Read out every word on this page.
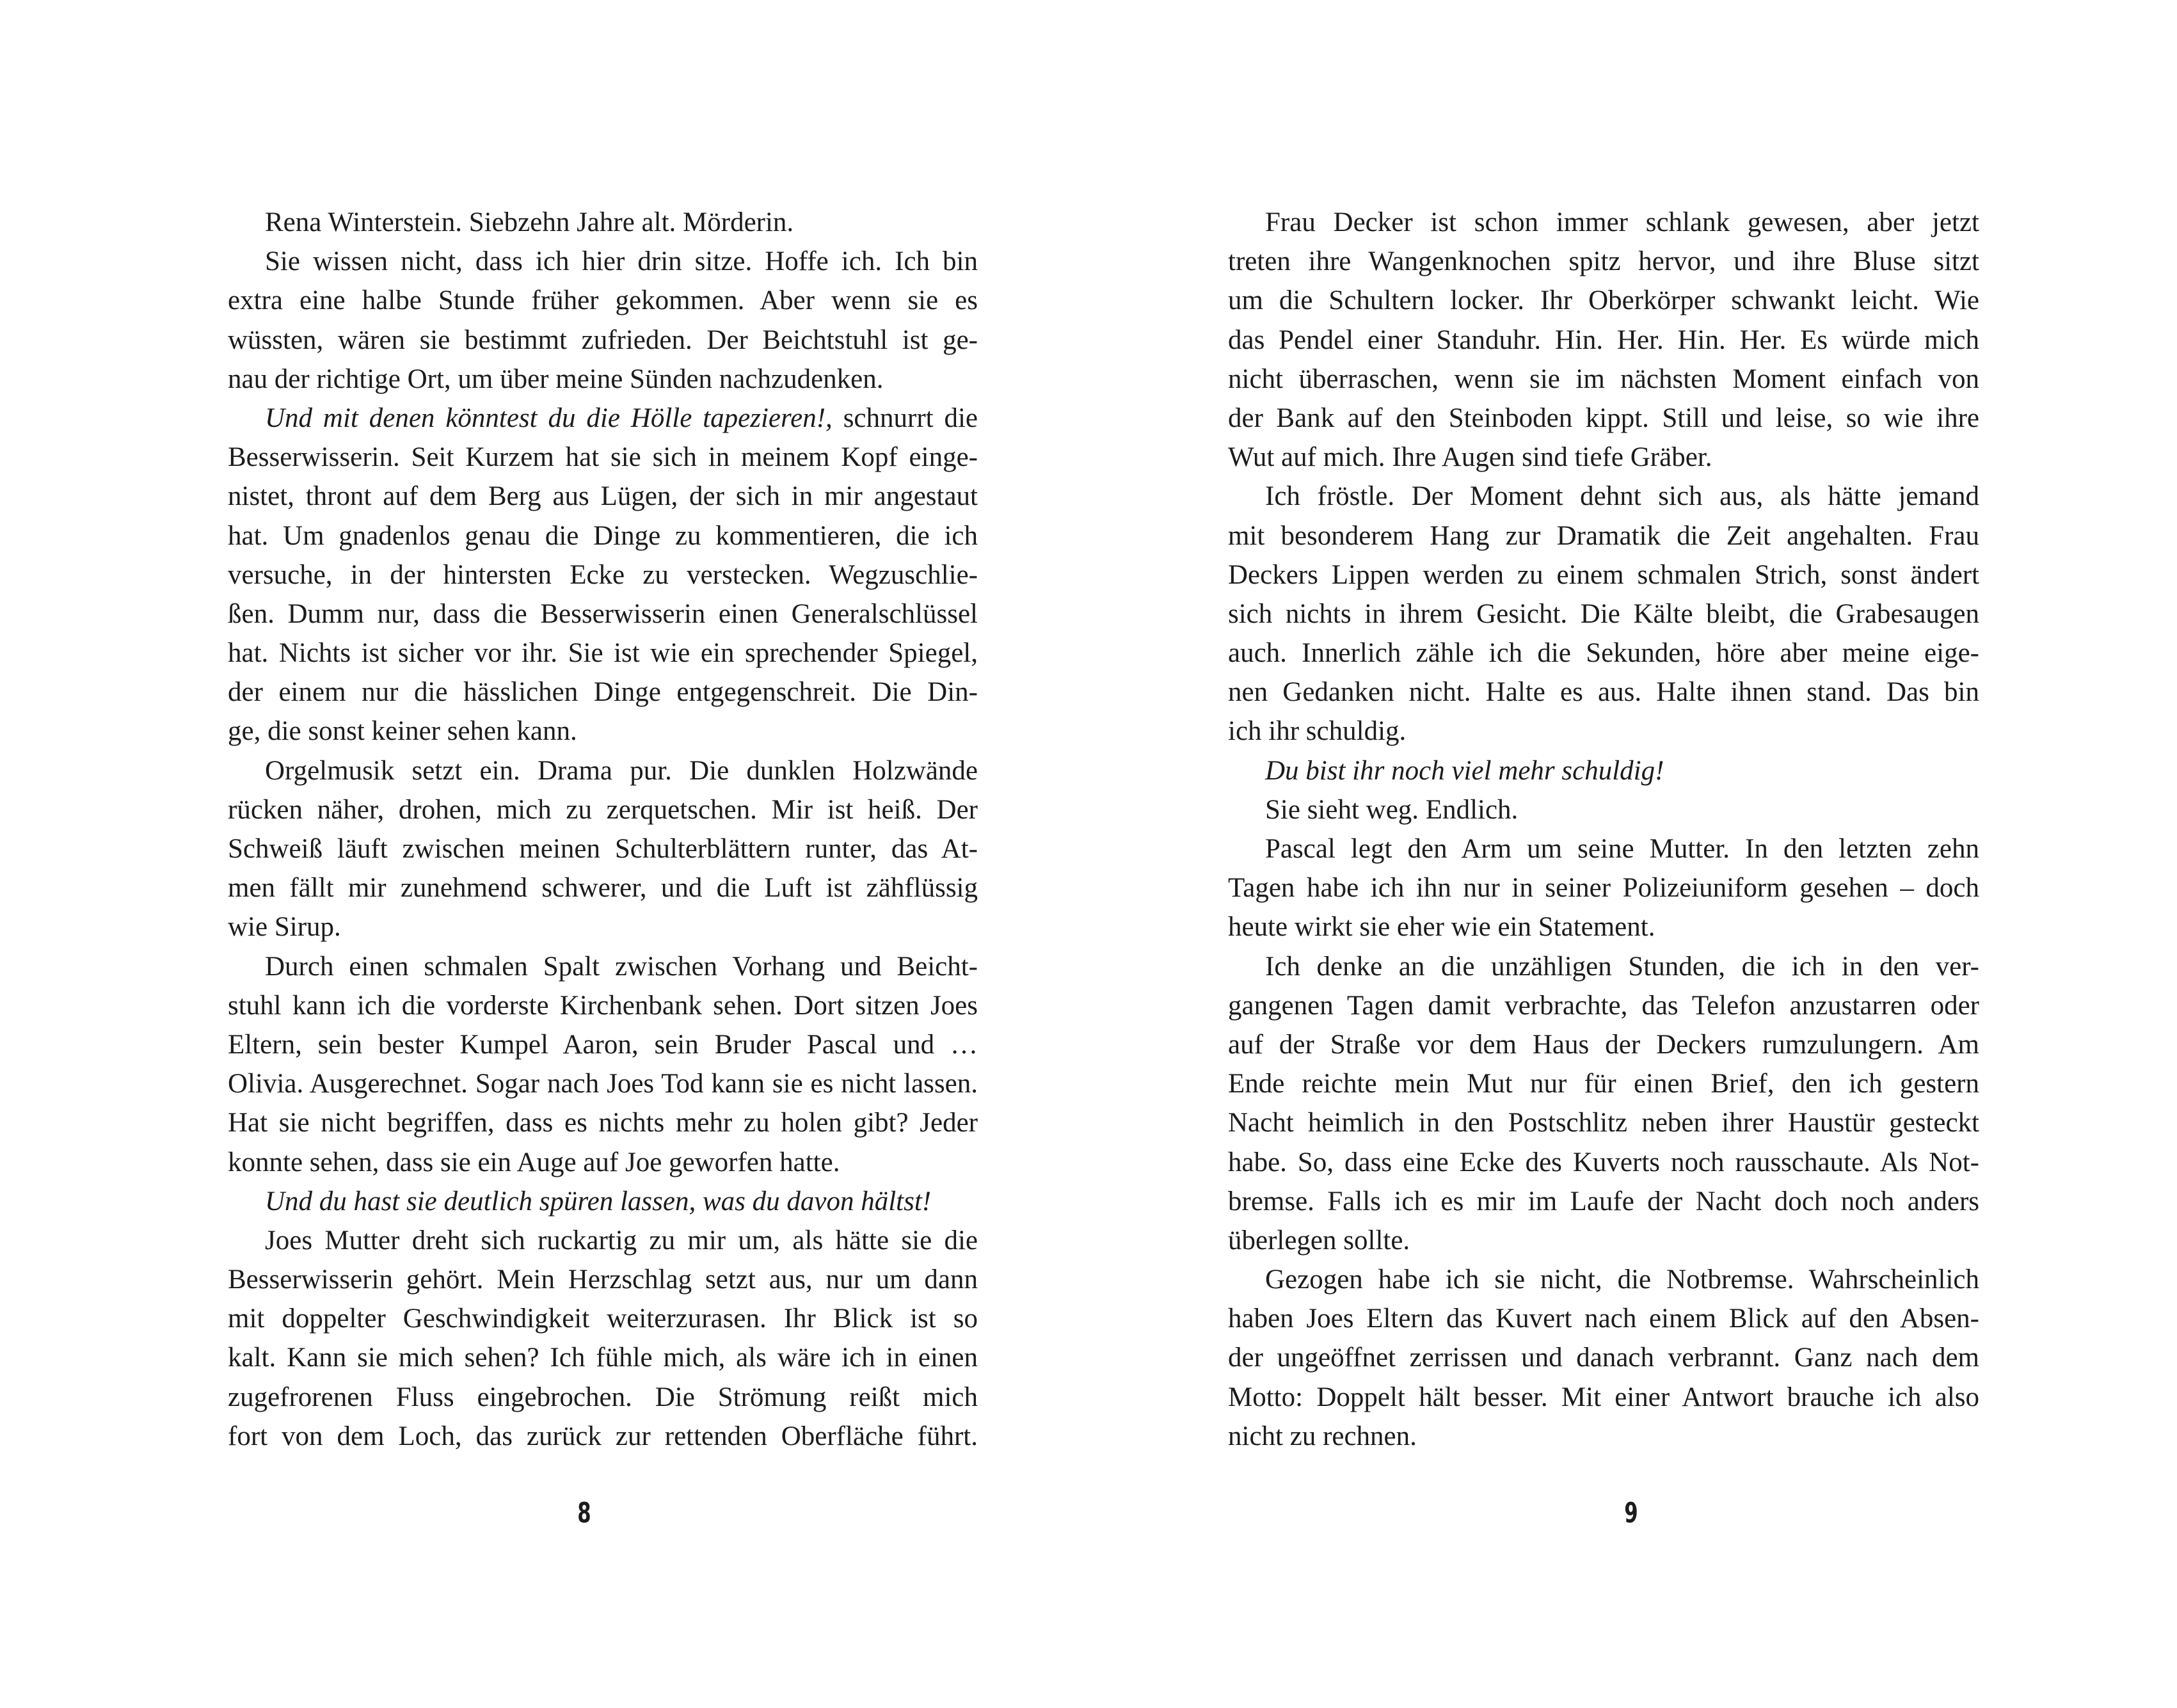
Rena Winterstein. Siebzehn Jahre alt. Mörderin.
Sie wissen nicht, dass ich hier drin sitze. Hoffe ich. Ich bin
extra eine halbe Stunde früher gekommen. Aber wenn sie es
wüssten, wären sie bestimmt zufrieden. Der Beichtstuhl ist ge-
nau der richtige Ort, um über meine Sünden nachzudenken.
Und mit denen könntest du die Hölle tapezieren!, schnurrt die
Besserwisserin. Seit Kurzem hat sie sich in meinem Kopf einge-
nistet, thront auf dem Berg aus Lügen, der sich in mir angestaut
hat. Um gnadenlos genau die Dinge zu kommentieren, die ich
versuche, in der hintersten Ecke zu verstecken. Wegzuschlie-
ßen. Dumm nur, dass die Besserwisserin einen Generalschlüssel
hat. Nichts ist sicher vor ihr. Sie ist wie ein sprechender Spiegel,
der einem nur die hässlichen Dinge entgegenschreit. Die Din-
ge, die sonst keiner sehen kann.
Orgelmusik setzt ein. Drama pur. Die dunklen Holzwände
rücken näher, drohen, mich zu zerquetschen. Mir ist heiß. Der
Schweiß läuft zwischen meinen Schulterblättern runter, das At-
men fällt mir zunehmend schwerer, und die Luft ist zähflüssig
wie Sirup.
Durch einen schmalen Spalt zwischen Vorhang und Beicht-
stuhl kann ich die vorderste Kirchenbank sehen. Dort sitzen Joes
Eltern, sein bester Kumpel Aaron, sein Bruder Pascal und …
Olivia. Ausgerechnet. Sogar nach Joes Tod kann sie es nicht lassen.
Hat sie nicht begriffen, dass es nichts mehr zu holen gibt? Jeder
konnte sehen, dass sie ein Auge auf Joe geworfen hatte.
Und du hast sie deutlich spüren lassen, was du davon hältst!
Joes Mutter dreht sich ruckartig zu mir um, als hätte sie die
Besserwisserin gehört. Mein Herzschlag setzt aus, nur um dann
mit doppelter Geschwindigkeit weiterzurasen. Ihr Blick ist so
kalt. Kann sie mich sehen? Ich fühle mich, als wäre ich in einen
zugefrorenen Fluss eingebrochen. Die Strömung reißt mich
fort von dem Loch, das zurück zur rettenden Oberfläche führt.
8
Frau Decker ist schon immer schlank gewesen, aber jetzt
treten ihre Wangenknochen spitz hervor, und ihre Bluse sitzt
um die Schultern locker. Ihr Oberkörper schwankt leicht. Wie
das Pendel einer Standuhr. Hin. Her. Hin. Her. Es würde mich
nicht überraschen, wenn sie im nächsten Moment einfach von
der Bank auf den Steinboden kippt. Still und leise, so wie ihre
Wut auf mich. Ihre Augen sind tiefe Gräber.
Ich fröstle. Der Moment dehnt sich aus, als hätte jemand
mit besonderem Hang zur Dramatik die Zeit angehalten. Frau
Deckers Lippen werden zu einem schmalen Strich, sonst ändert
sich nichts in ihrem Gesicht. Die Kälte bleibt, die Grabesaugen
auch. Innerlich zähle ich die Sekunden, höre aber meine eige-
nen Gedanken nicht. Halte es aus. Halte ihnen stand. Das bin
ich ihr schuldig.
Du bist ihr noch viel mehr schuldig!
Sie sieht weg. Endlich.
Pascal legt den Arm um seine Mutter. In den letzten zehn
Tagen habe ich ihn nur in seiner Polizeiuniform gesehen – doch
heute wirkt sie eher wie ein Statement.
Ich denke an die unzähligen Stunden, die ich in den ver-
gangenen Tagen damit verbrachte, das Telefon anzustarren oder
auf der Straße vor dem Haus der Deckers rumzulungern. Am
Ende reichte mein Mut nur für einen Brief, den ich gestern
Nacht heimlich in den Postschlitz neben ihrer Haustür gesteckt
habe. So, dass eine Ecke des Kuverts noch rausschaute. Als Not-
bremse. Falls ich es mir im Laufe der Nacht doch noch anders
überlegen sollte.
Gezogen habe ich sie nicht, die Notbremse. Wahrscheinlich
haben Joes Eltern das Kuvert nach einem Blick auf den Absen-
der ungeöffnet zerrissen und danach verbrannt. Ganz nach dem
Motto: Doppelt hält besser. Mit einer Antwort brauche ich also
nicht zu rechnen.
9
